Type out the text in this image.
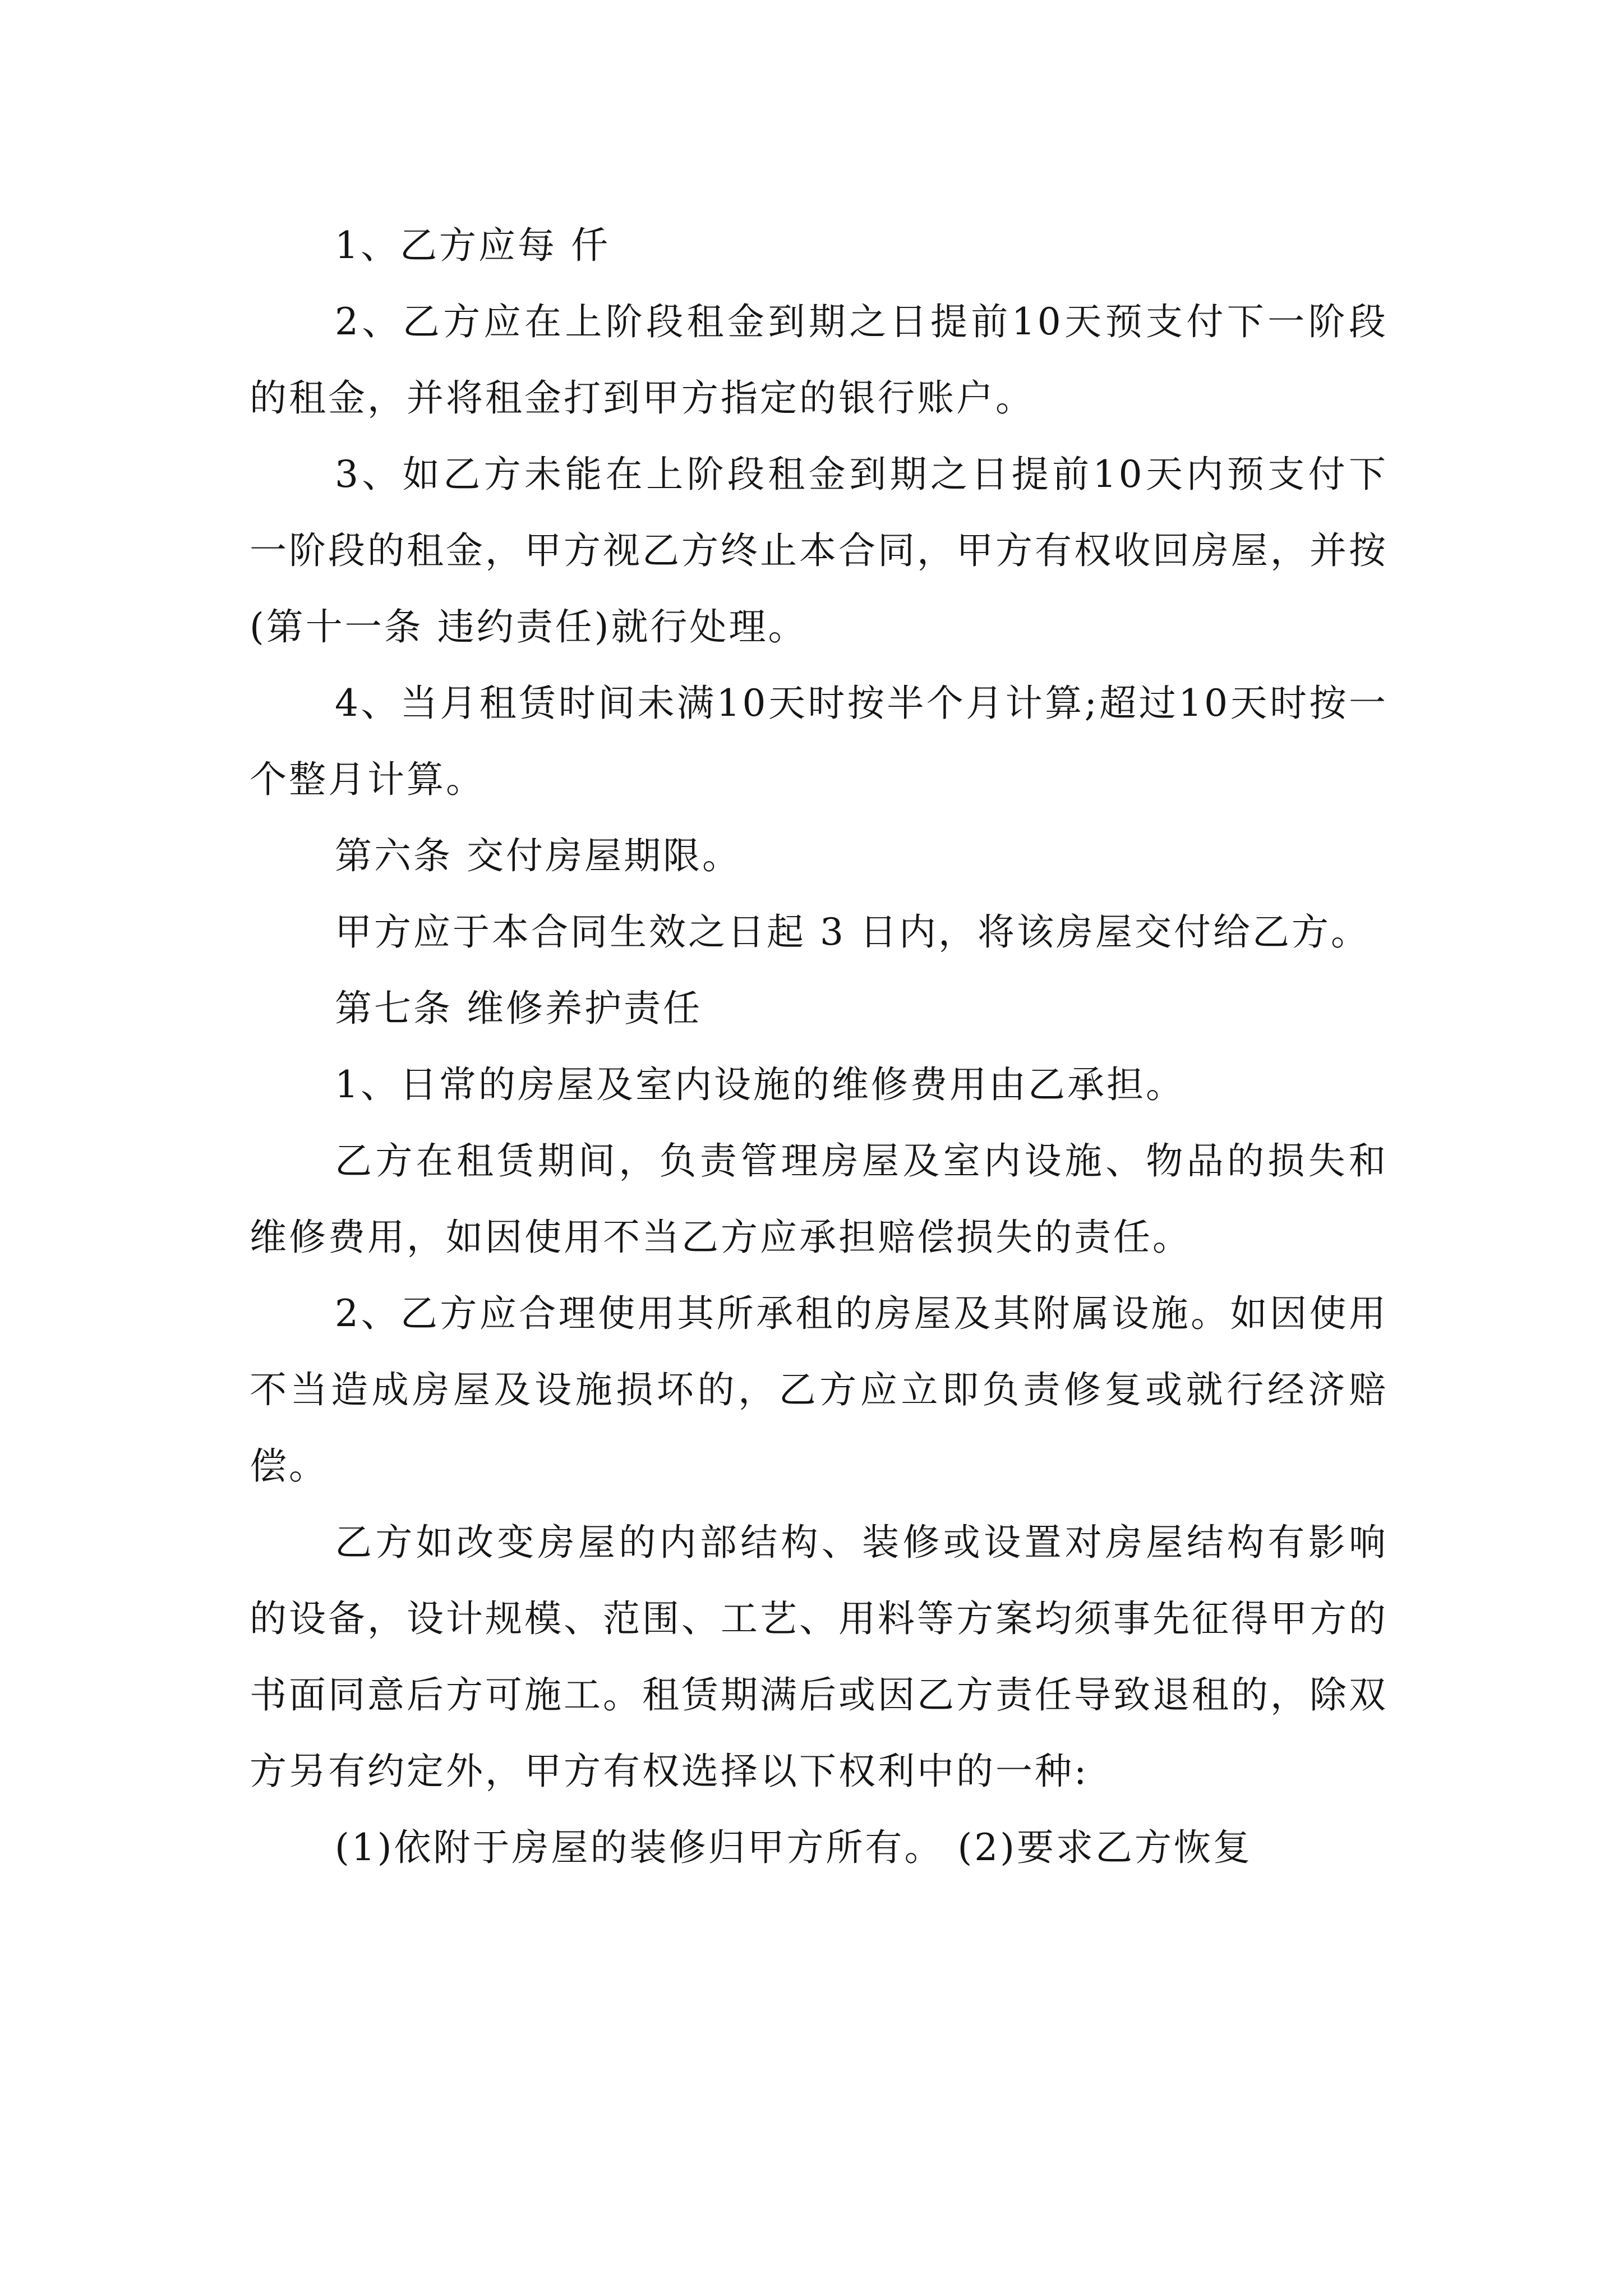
1、乙方应每 仟

2、乙方应在上阶段租金到期之日提前10天预支付下一阶段的租金，并将租金打到甲方指定的银行账户。

3、如乙方未能在上阶段租金到期之日提前10天内预支付下一阶段的租金，甲方视乙方终止本合同，甲方有权收回房屋，并按(第十一条 违约责任)就行处理。

4、当月租赁时间未满10天时按半个月计算;超过10天时按一个整月计算。

第六条 交付房屋期限。

甲方应于本合同生效之日起 3 日内，将该房屋交付给乙方。

第七条 维修养护责任

1、日常的房屋及室内设施的维修费用由乙承担。

乙方在租赁期间，负责管理房屋及室内设施、物品的损失和维修费用，如因使用不当乙方应承担赔偿损失的责任。

2、乙方应合理使用其所承租的房屋及其附属设施。如因使用不当造成房屋及设施损坏的，乙方应立即负责修复或就行经济赔偿。

乙方如改变房屋的内部结构、装修或设置对房屋结构有影响的设备，设计规模、范围、工艺、用料等方案均须事先征得甲方的书面同意后方可施工。租赁期满后或因乙方责任导致退租的，除双方另有约定外，甲方有权选择以下权利中的一种:

(1)依附于房屋的装修归甲方所有。 (2)要求乙方恢复
